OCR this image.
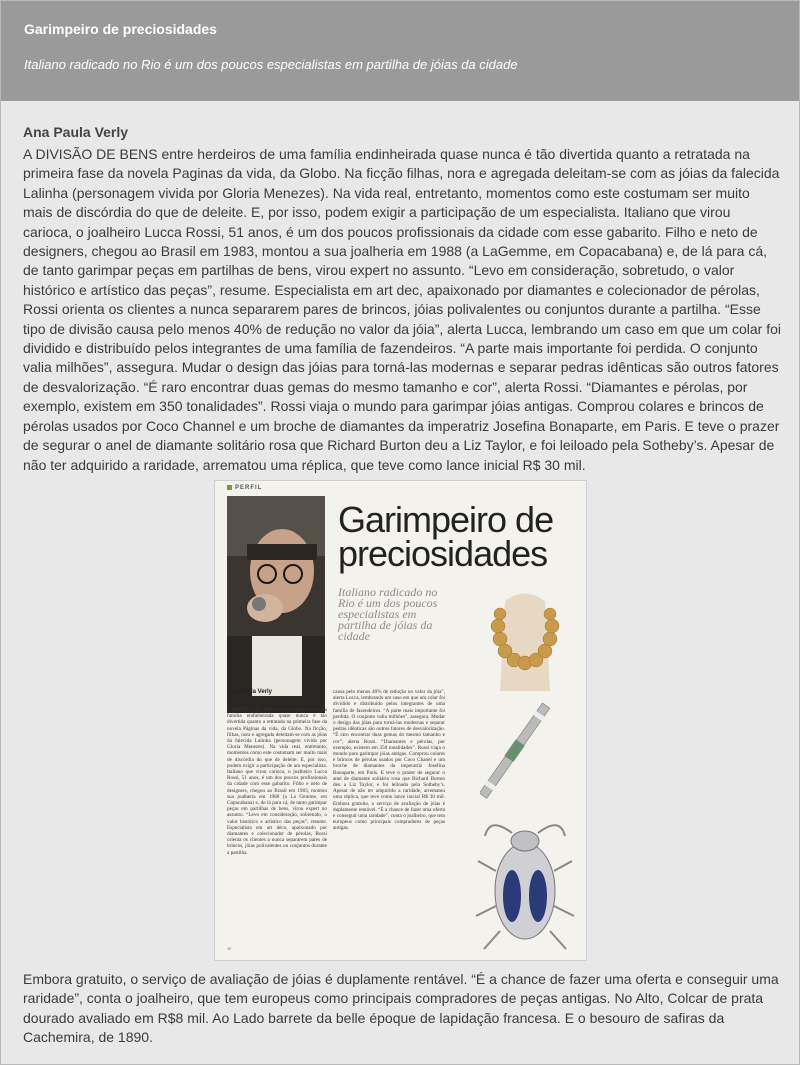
Garimpeiro de preciosidades
Italiano radicado no Rio é um dos poucos especialistas em partilha de jóias da cidade
Ana Paula Verly
A DIVISÃO DE BENS entre herdeiros de uma família endinheirada quase nunca é tão divertida quanto a retratada na primeira fase da novela Paginas da vida, da Globo. Na ficção filhas, nora e agregada deleitam-se com as jóias da falecida Lalinha (personagem vivida por Gloria Menezes). Na vida real, entretanto, momentos como este costumam ser muito mais de discórdia do que de deleite. E, por isso, podem exigir a participação de um especialista. Italiano que virou carioca, o joalheiro Lucca Rossi, 51 anos, é um dos poucos profissionais da cidade com esse gabarito. Filho e neto de designers, chegou ao Brasil em 1983, montou a sua joalheria em 1988 (a LaGemme, em Copacabana) e, de lá para cá, de tanto garimpar peças em partilhas de bens, virou expert no assunto. “Levo em consideração, sobretudo, o valor histórico e artístico das peças”, resume. Especialista em art dec, apaixonado por diamantes e colecionador de pérolas, Rossi orienta os clientes a nunca separarem pares de brincos, jóias polivalentes ou conjuntos durante a partilha. “Esse tipo de divisão causa pelo menos 40% de redução no valor da jóia”, alerta Lucca, lembrando um caso em que um colar foi dividido e distribuído pelos integrantes de uma família de fazendeiros. “A parte mais importante foi perdida. O conjunto valia milhões”, assegura. Mudar o design das jóias para torná-las modernas e separar pedras idênticas são outros fatores de desvalorização. “É raro encontrar duas gemas do mesmo tamanho e cor”, alerta Rossi. “Diamantes e pérolas, por exemplo, existem em 350 tonalidades”. Rossi viaja o mundo para garimpar jóias antigas. Comprou colares e brincos de pérolas usados por Coco Channel e um broche de diamantes da imperatriz Josefina Bonaparte, em Paris. E teve o prazer de segurar o anel de diamante solitário rosa que Richard Burton deu a Liz Taylor, e foi leiloado pela Sotheby’s. Apesar de não ter adquirido a raridade, arrematou uma réplica, que teve como lance inicial R$ 30 mil.
PERFIL
Garimpeiro de
preciosidades
Italiano radicado no Rio é um dos poucos especialistas em partilha de jóias da cidade
Ana Paula Verly
A DIVISÃO DE BENS entre herdeiros de uma família endinheirada quase nunca é tão divertida quanto a retratada na primeira fase da novela Páginas da vida, da Globo. Na ficção, filhas, nora e agregada deleitam-se com as jóias da falecida Lalinha (personagem vivida por Gloria Menezes). Na vida real, entretanto, momentos como este costumam ser muito mais de discórdia do que de deleite. E, por isso, podem exigir a participação de um especialista. Italiano que virou carioca, o joalheiro Lucca Rossi, 51 anos, é um dos poucos profissionais da cidade com esse gabarito. Filho e neto de designers, chegou ao Brasil em 1983, montou sua joalheria em 1988 (a La Gemme, em Copacabana) e, de lá para cá, de tanto garimpar peças em partilhas de bens, virou expert no assunto. “Levo em consideração, sobretudo, o valor histórico e artístico das peças”, resume. Especialista em art déco, apaixonado por diamantes e colecionador de pérolas, Rossi orienta os clientes a nunca separarem pares de brincos, jóias polivalentes ou conjuntos durante a partilha.
causa pelo menos 40% de redução no valor da jóia”, alerta Lucca, lembrando um caso em que um colar foi dividido e distribuído pelos integrantes de uma família de fazendeiros. “A parte mais importante foi perdida. O conjunto valia milhões”, assegura. Mudar o design das jóias para torná-las modernas e separar pedras idênticas são outros fatores de desvalorização. “É raro encontrar duas gemas do mesmo tamanho e cor”, alerta Rossi. “Diamantes e pérolas, por exemplo, existem em 350 tonalidades”. Rossi viaja o mundo para garimpar jóias antigas. Comprou colares e brincos de pérolas usados por Coco Chanel e um broche de diamantes da imperatriz Josefina Bonaparte, em Paris. E teve o prazer de segurar o anel de diamante solitário rosa que Richard Burton deu a Liz Taylor, e foi leiloado pela Sotheby’s. Apesar de não ter adquirido a raridade, arrematou uma réplica, que teve como lance inicial R$ 30 mil. Embora gratuito, o serviço de avaliação de jóias é duplamente rentável. “É a chance de fazer uma oferta e conseguir uma raridade”, conta o joalheiro, que tem europeus como principais compradores de peças antigas.
40
Embora gratuito, o serviço de avaliação de jóias é duplamente rentável. “É a chance de fazer uma oferta e conseguir uma raridade”, conta o joalheiro, que tem europeus como principais compradores de peças antigas. No Alto, Colcar de prata dourado avaliado em R$8 mil. Ao Lado barrete da belle époque de lapidação francesa. E o besouro de safiras da Cachemira, de 1890.
